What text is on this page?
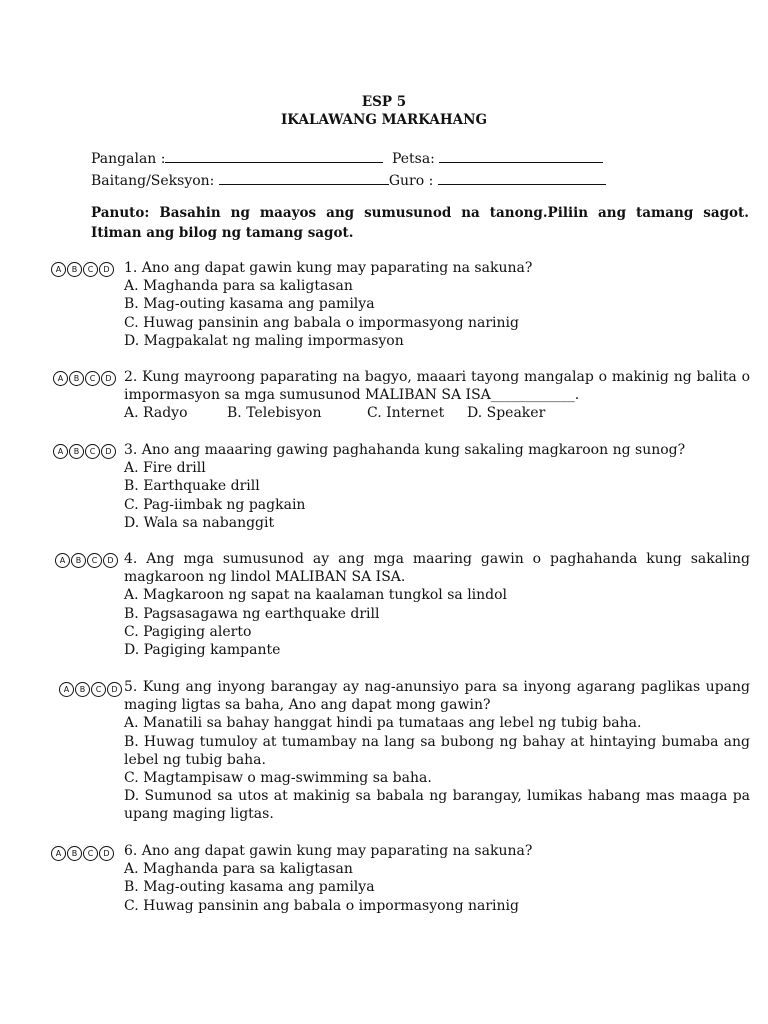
ESP 5
IKALAWANG MARKAHANG
Pangalan :	Petsa:
Baitang/Seksyon:	Guro :
Panuto: Basahin ng maayos ang sumusunod na tanong.Piliin ang tamang sagot. Itiman ang bilog ng tamang sagot.
A	B	C	D	1. Ano ang dapat gawin kung may paparating na sakuna?
A. Maghanda para sa kaligtasan
B. Mag-outing kasama ang pamilya
C. Huwag pansinin ang babala o impormasyong narinig
D. Magpakalat ng maling impormasyon
A	B	C	D 2. Kung mayroong paparating na bagyo, maaari tayong mangalap o makinig ng balita o impormasyon sa mga sumusunod MALIBAN SA ISA____________.
A. Radyo	B. Telebisyon	C. Internet D. Speaker
A	B	C	D 3. Ano ang maaaring gawing paghahanda kung sakaling magkaroon ng sunog?
A. Fire drill
B. Earthquake drill
C. Pag-iimbak ng pagkain
D. Wala sa nabanggit
A	B	C	D 4. Ang mga sumusunod ay ang mga maaring gawin o paghahanda kung sakaling magkaroon ng lindol MALIBAN SA ISA.
A. Magkaroon ng sapat na kaalaman tungkol sa lindol
B. Pagsasagawa ng earthquake drill
C. Pagiging alerto
D. Pagiging kampante
A	B	C	D 5. Kung ang inyong barangay ay nag-anunsiyo para sa inyong agarang paglikas upang maging ligtas sa baha, Ano ang dapat mong gawin?
A. Manatili sa bahay hanggat hindi pa tumataas ang lebel ng tubig baha.
B. Huwag tumuloy at tumambay na lang sa bubong ng bahay at hintaying bumaba ang lebel ng tubig baha.
C. Magtampisaw o mag-swimming sa baha.
D. Sumunod sa utos at makinig sa babala ng barangay, lumikas habang mas maaga pa upang maging ligtas.
A	B	C	D	6. Ano ang dapat gawin kung may paparating na sakuna?
A. Maghanda para sa kaligtasan
B. Mag-outing kasama ang pamilya
C. Huwag pansinin ang babala o impormasyong narinig
